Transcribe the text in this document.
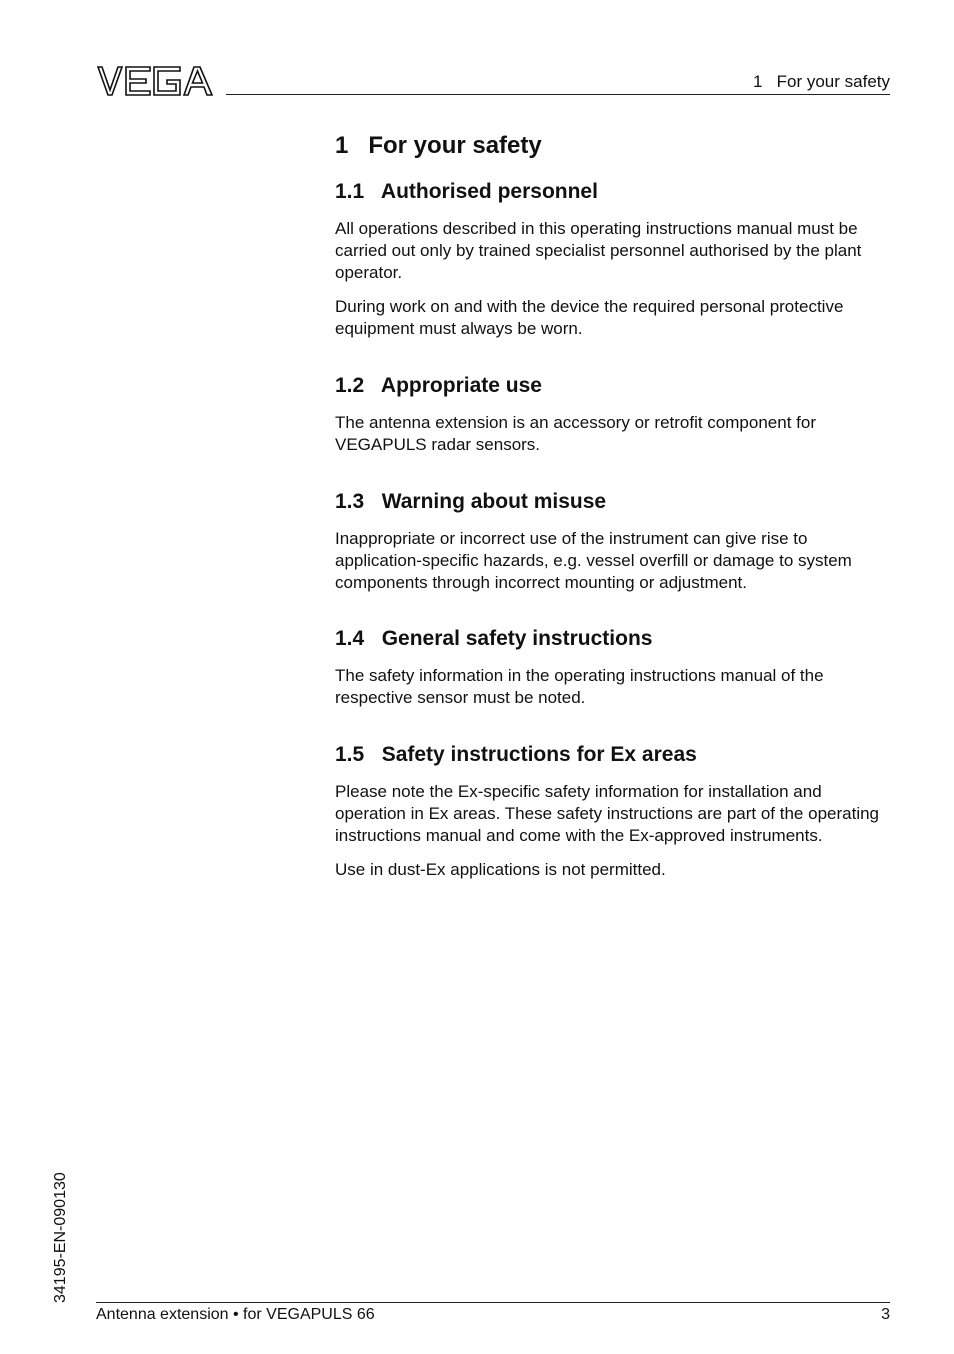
1   For your safety
1   For your safety
1.1   Authorised personnel

All operations described in this operating instructions manual must be carried out only by trained specialist personnel authorised by the plant operator.

During work on and with the device the required personal protective equipment must always be worn.

1.2   Appropriate use

The antenna extension is an accessory or retrofit component for VEGAPULS radar sensors.

1.3   Warning about misuse

Inappropriate or incorrect use of the instrument can give rise to application-specific hazards, e.g. vessel overfill or damage to system components through incorrect mounting or adjustment.

1.4   General safety instructions

The safety information in the operating instructions manual of the respective sensor must be noted.

1.5   Safety instructions for Ex areas

Please note the Ex-specific safety information for installation and operation in Ex areas. These safety instructions are part of the operating instructions manual and come with the Ex-approved instruments.

Use in dust-Ex applications is not permitted.

34195-EN-090130
Antenna extension • for VEGAPULS 66	3
